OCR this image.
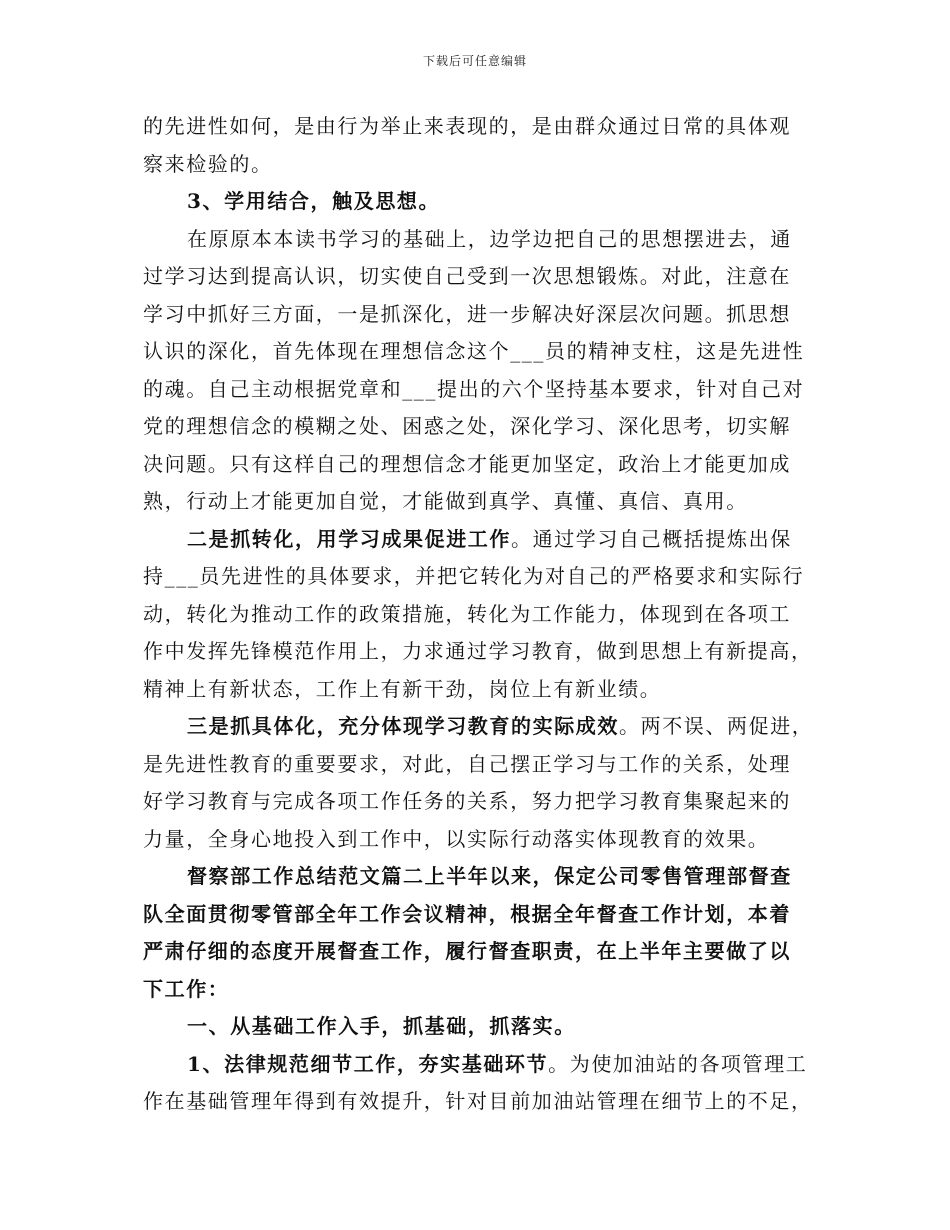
下载后可任意编辑

的先进性如何，是由行为举止来表现的，是由群众通过日常的具体观
察来检验的。

3、学用结合，触及思想。

在原原本本读书学习的基础上，边学边把自己的思想摆进去，通
过学习达到提高认识，切实使自己受到一次思想锻炼。对此，注意在
学习中抓好三方面，一是抓深化，进一步解决好深层次问题。抓思想
认识的深化，首先体现在理想信念这个___员的精神支柱，这是先进性
的魂。自己主动根据党章和___提出的六个坚持基本要求，针对自己对
党的理想信念的模糊之处、困惑之处，深化学习、深化思考，切实解
决问题。只有这样自己的理想信念才能更加坚定，政治上才能更加成
熟，行动上才能更加自觉，才能做到真学、真懂、真信、真用。

二是抓转化，用学习成果促进工作。通过学习自己概括提炼出保
持___员先进性的具体要求，并把它转化为对自己的严格要求和实际行
动，转化为推动工作的政策措施，转化为工作能力，体现到在各项工
作中发挥先锋模范作用上，力求通过学习教育，做到思想上有新提高，
精神上有新状态，工作上有新干劲，岗位上有新业绩。

三是抓具体化，充分体现学习教育的实际成效。两不误、两促进，
是先进性教育的重要要求，对此，自己摆正学习与工作的关系，处理
好学习教育与完成各项工作任务的关系，努力把学习教育集聚起来的
力量，全身心地投入到工作中，以实际行动落实体现教育的效果。

督察部工作总结范文篇二上半年以来，保定公司零售管理部督查
队全面贯彻零管部全年工作会议精神，根据全年督查工作计划，本着
严肃仔细的态度开展督查工作，履行督查职责，在上半年主要做了以
下工作：

一、从基础工作入手，抓基础，抓落实。

1、法律规范细节工作，夯实基础环节。为使加油站的各项管理工
作在基础管理年得到有效提升，针对目前加油站管理在细节上的不足，
